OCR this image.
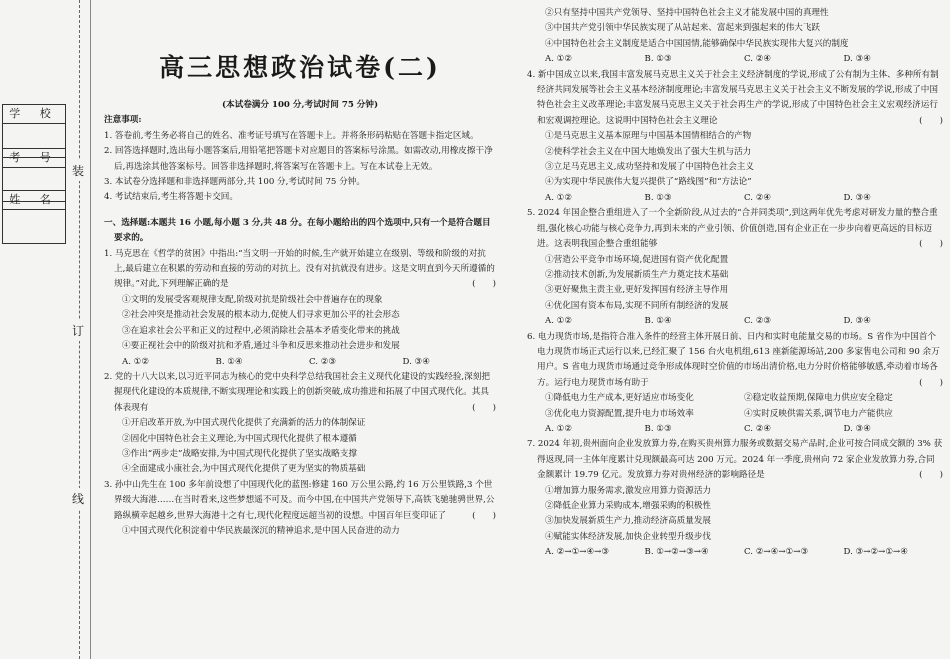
装
订
线
学 校
考 号
姓 名
高三思想政治试卷(二)
(本试卷满分 100 分,考试时间 75 分钟)
注意事项:
1. 答卷前,考生务必将自己的姓名、准考证号填写在答题卡上。并将条形码粘贴在答题卡指定区域。
2. 回答选择题时,选出每小题答案后,用铅笔把答题卡对应题目的答案标号涂黑。如需改动,用橡皮擦干净后,再选涂其他答案标号。回答非选择题时,将答案写在答题卡上。写在本试卷上无效。
3. 本试卷分选择题和非选择题两部分,共 100 分,考试时间 75 分钟。
4. 考试结束后,考生将答题卡交回。
一、选择题:本题共 16 小题,每小题 3 分,共 48 分。在每小题给出的四个选项中,只有一个是符合题目要求的。
1. 马克思在《哲学的贫困》中指出:“当文明一开始的时候,生产就开始建立在级别、等级和阶级的对抗上,最后建立在积累的劳动和直接的劳动的对抗上。没有对抗就没有进步。这是文明直到今天所遵循的规律。”对此,下列理解正确的是	(　　)
①文明的发展受客观规律支配,阶级对抗是阶级社会中普遍存在的现象
②社会冲突是推动社会发展的根本动力,促使人们寻求更加公平的社会形态
③在追求社会公平和正义的过程中,必须消除社会基本矛盾变化带来的挑战
④要正视社会中的阶级对抗和矛盾,通过斗争和反思来推动社会进步和发展
A. ①②	B. ①④	C. ②③	D. ③④
2. 党的十八大以来,以习近平同志为核心的党中央科学总结我国社会主义现代化建设的实践经验,深刻把握现代化建设的本质规律,不断实现理论和实践上的创新突破,成功推进和拓展了中国式现代化。其具体表现有	(　　)
①开启改革开放,为中国式现代化提供了充满新的活力的体制保证
②固化中国特色社会主义理论,为中国式现代化提供了根本遵循
③作出“两步走”战略安排,为中国式现代化提供了坚实战略支撑
④全面建成小康社会,为中国式现代化提供了更为坚实的物质基础
3. 孙中山先生在 100 多年前设想了中国现代化的蓝图:修建 160 万公里公路,约 16 万公里铁路,3 个世界级大海港……在当时看来,这些梦想遥不可及。而今中国,在中国共产党领导下,高铁飞驰驰骋世界,公路纵横幸起越乡,世界大海港十之有七,现代化程度远超当初的设想。中国百年巨变印证了	(　　)
①中国式现代化积淀着中华民族最深沉的精神追求,是中国人民奋进的动力
②只有坚持中国共产党领导、坚持中国特色社会主义才能发展中国的真理性
③中国共产党引领中华民族实现了从站起来、富起来到强起来的伟大飞跃
④中国特色社会主义制度是适合中国国情,能够确保中华民族实现伟大复兴的制度
A. ①②	B. ①③	C. ②④	D. ③④
4. 新中国成立以来,我国丰富发展马克思主义关于社会主义经济制度的学说,形成了公有制为主体、多种所有制经济共同发展等社会主义基本经济制度理论;丰富发展马克思主义关于社会主义不断发展的学说,形成了中国特色社会主义改革理论;丰富发展马克思主义关于社会再生产的学说,形成了中国特色社会主义宏观经济运行和宏观调控理论。这说明中国特色社会主义理论	(　　)
①是马克思主义基本原理与中国基本国情相结合的产物
②使科学社会主义在中国大地焕发出了强大生机与活力
③立足马克思主义,成功坚持和发展了中国特色社会主义
④为实现中华民族伟大复兴提供了“路线图”和“方法论”
A. ①②	B. ①③	C. ②④	D. ③④
5. 2024 年国企整合重组进入了一个全新阶段,从过去的“合并同类项”,到这两年优先考虑对研发力量的整合重组,强化核心功能与核心竞争力,再到未来的产业引领、价值创造,国有企业正在一步步向着更高远的目标迈进。这表明我国企整合重组能够	(　　)
①营造公平竞争市场环境,促进国有资产优化配置
②推动技术创新,为发展新质生产力奠定技术基础
③更好聚焦主责主业,更好发挥国有经济主导作用
④优化国有资本布局,实现不同所有制经济的发展
A. ①②	B. ①④	C. ②③	D. ③④
6. 电力现货市场,是指符合准入条件的经营主体开展日前、日内和实时电能量交易的市场。S 省作为中国首个电力现货市场正式运行以来,已经汇聚了 156 台火电机组,613 座新能源场站,200 多家售电公司和 90 余万用户。S 省电力现货市场通过竞争形成体现时空价值的市场出清价格,电力分时价格能够敏感,牵动着市场各方。运行电力现货市场有助于	(　　)
①降低电力生产成本,更好适应市场变化	②稳定收益预期,保障电力供应安全稳定
③优化电力资源配置,提升电力市场效率	④实时反映供需关系,调节电力产能供应
A. ①②	B. ①③	C. ②④	D. ③④
7. 2024 年初,贵州面向企业发放算力券,在购买贵州算力服务或数据交易产品时,企业可按合同成交额的 3% 获得返现,同一主体年度累计兑现额最高可达 200 万元。2024 年一季度,贵州向 72 家企业发放算力券,合同金额累计 19.79 亿元。发放算力券对贵州经济的影响路径是	(　　)
①增加算力服务需求,激发应用算力资源活力
②降低企业算力采购成本,增强采购的积极性
③加快发展新质生产力,推动经济高质量发展
④赋能实体经济发展,加快企业转型升级步伐
A. ②→①→④→③	B. ①→②→③→④	C. ②→④→①→③	D. ③→②→①→④
